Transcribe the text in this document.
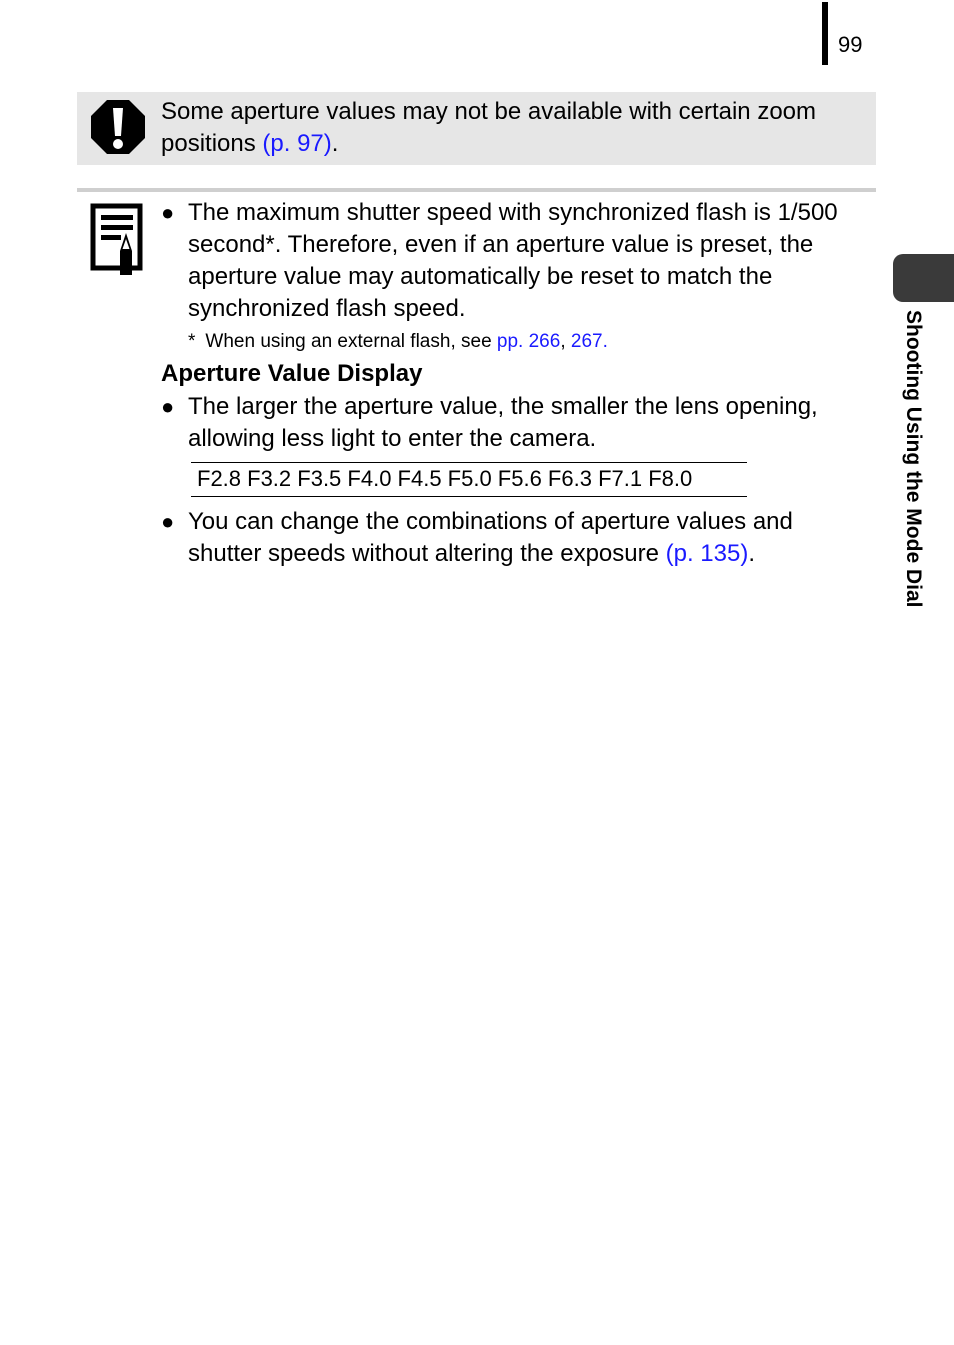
99
Some aperture values may not be available with certain zoom positions (p. 97).
● The maximum shutter speed with synchronized flash is 1/500 second*. Therefore, even if an aperture value is preset, the aperture value may automatically be reset to match the synchronized flash speed.
* When using an external flash, see pp. 266, 267.
Aperture Value Display
● The larger the aperture value, the smaller the lens opening, allowing less light to enter the camera.
F2.8 F3.2 F3.5 F4.0 F4.5 F5.0 F5.6 F6.3 F7.1 F8.0
● You can change the combinations of aperture values and shutter speeds without altering the exposure (p. 135).	Shooting Using the Mode Dial
